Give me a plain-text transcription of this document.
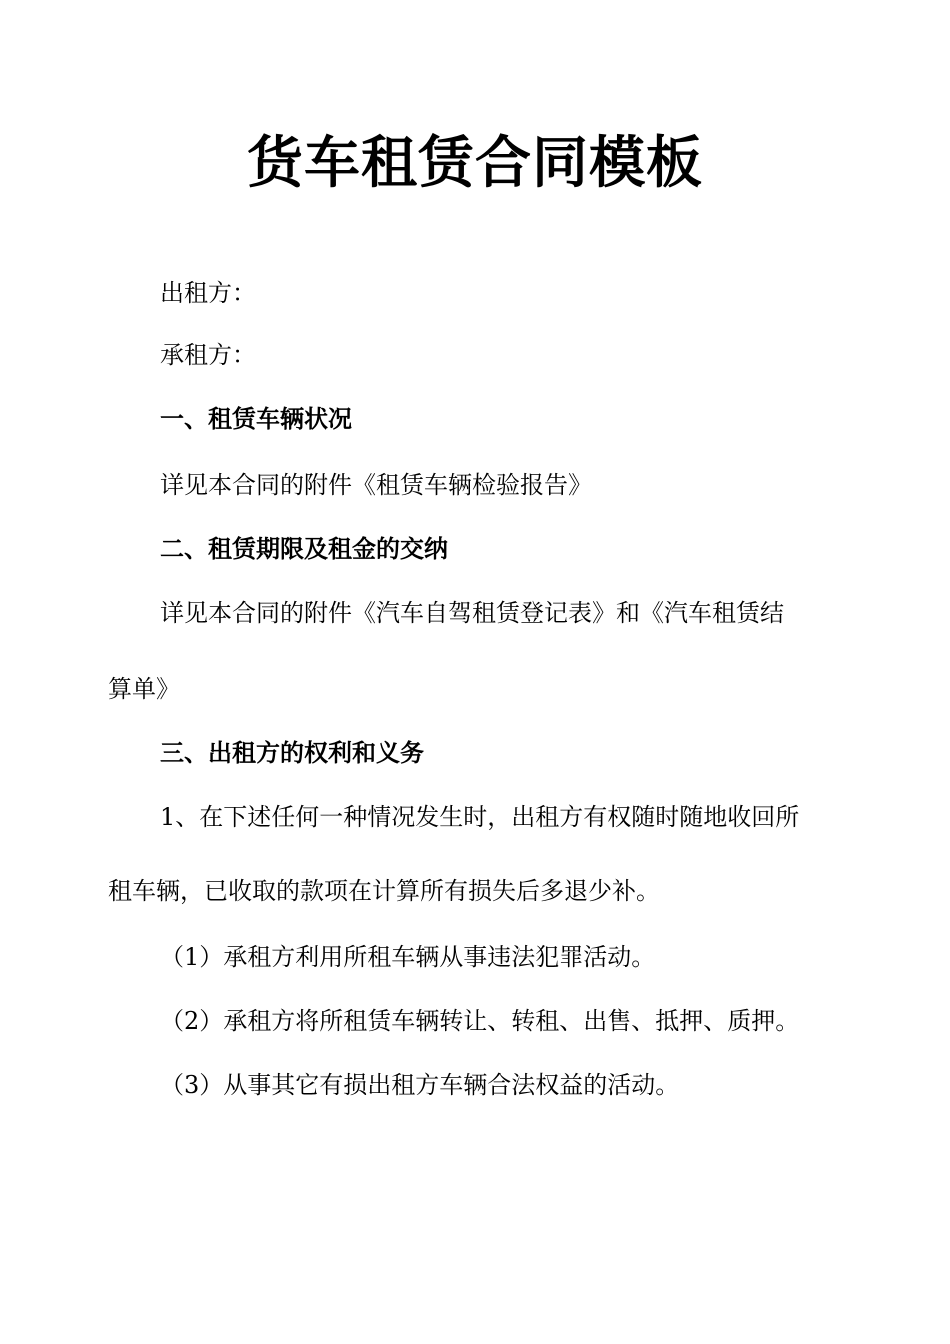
货车租赁合同模板

出租方：

承租方：

一、租赁车辆状况

详见本合同的附件《租赁车辆检验报告》

二、租赁期限及租金的交纳

详见本合同的附件《汽车自驾租赁登记表》和《汽车租赁结

算单》

三、出租方的权利和义务

1、在下述任何一种情况发生时，出租方有权随时随地收回所

租车辆，已收取的款项在计算所有损失后多退少补。

（1）承租方利用所租车辆从事违法犯罪活动。

（2）承租方将所租赁车辆转让、转租、出售、抵押、质押。

（3）从事其它有损出租方车辆合法权益的活动。
